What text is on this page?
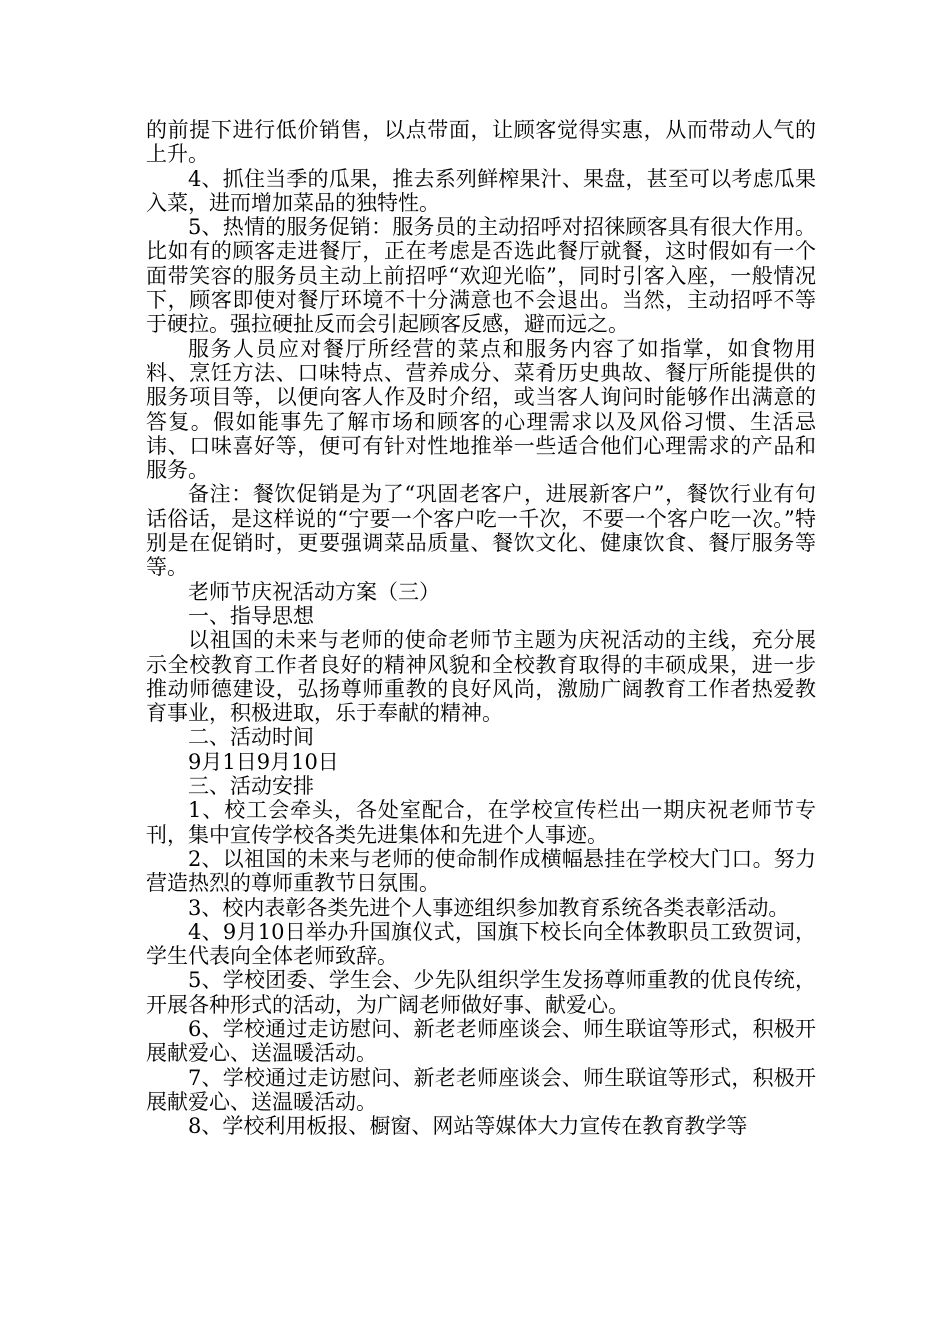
的前提下进行低价销售，以点带面，让顾客觉得实惠，从而带动人气的上升。

4、抓住当季的瓜果，推去系列鲜榨果汁、果盘，甚至可以考虑瓜果入菜，进而增加菜品的独特性。

5、热情的服务促销：服务员的主动招呼对招徕顾客具有很大作用。比如有的顾客走进餐厅，正在考虑是否选此餐厅就餐，这时假如有一个面带笑容的服务员主动上前招呼“欢迎光临”，同时引客入座，一般情况下，顾客即使对餐厅环境不十分满意也不会退出。当然，主动招呼不等于硬拉。强拉硬扯反而会引起顾客反感，避而远之。

服务人员应对餐厅所经营的菜点和服务内容了如指掌，如食物用料、烹饪方法、口味特点、营养成分、菜肴历史典故、餐厅所能提供的服务项目等，以便向客人作及时介绍，或当客人询问时能够作出满意的答复。假如能事先了解市场和顾客的心理需求以及风俗习惯、生活忌讳、口味喜好等，便可有针对性地推举一些适合他们心理需求的产品和服务。

备注：餐饮促销是为了“巩固老客户，进展新客户”，餐饮行业有句话俗话，是这样说的“宁要一个客户吃一千次，不要一个客户吃一次。”特别是在促销时，更要强调菜品质量、餐饮文化、健康饮食、餐厅服务等等。

老师节庆祝活动方案（三）

一、指导思想

以祖国的未来与老师的使命老师节主题为庆祝活动的主线，充分展示全校教育工作者良好的精神风貌和全校教育取得的丰硕成果，进一步推动师德建设，弘扬尊师重教的良好风尚，激励广阔教育工作者热爱教育事业，积极进取，乐于奉献的精神。

二、活动时间

9月1日9月10日

三、活动安排

1、校工会牵头，各处室配合，在学校宣传栏出一期庆祝老师节专刊，集中宣传学校各类先进集体和先进个人事迹。

2、以祖国的未来与老师的使命制作成横幅悬挂在学校大门口。努力营造热烈的尊师重教节日氛围。

3、校内表彰各类先进个人事迹组织参加教育系统各类表彰活动。

4、9月10日举办升国旗仪式，国旗下校长向全体教职员工致贺词，学生代表向全体老师致辞。

5、学校团委、学生会、少先队组织学生发扬尊师重教的优良传统，开展各种形式的活动，为广阔老师做好事、献爱心。

6、学校通过走访慰问、新老老师座谈会、师生联谊等形式，积极开展献爱心、送温暖活动。

7、学校通过走访慰问、新老老师座谈会、师生联谊等形式，积极开展献爱心、送温暖活动。

8、学校利用板报、橱窗、网站等媒体大力宣传在教育教学等
